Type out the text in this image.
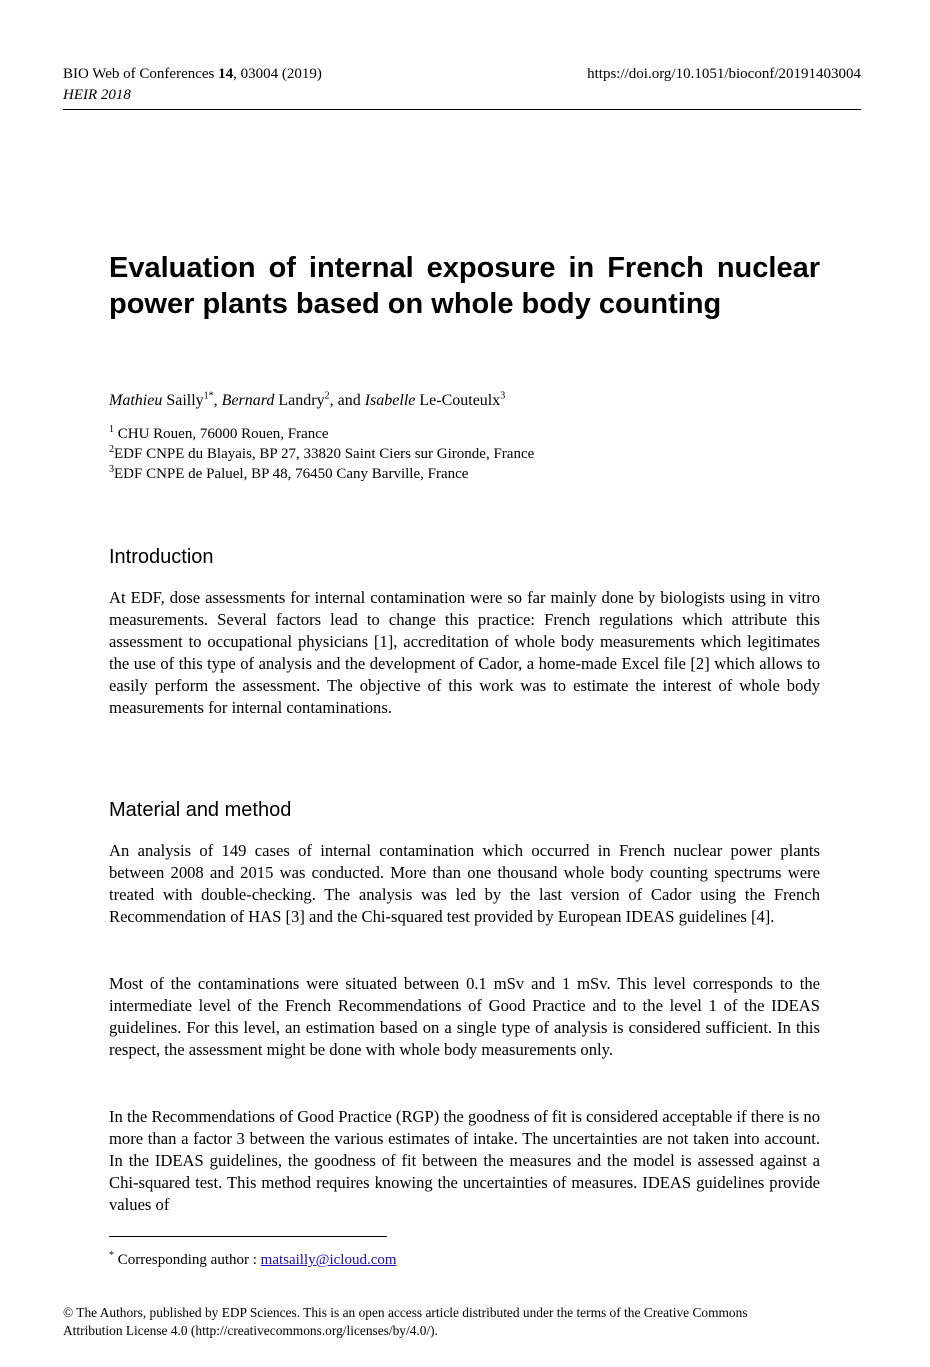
BIO Web of Conferences 14, 03004 (2019)	https://doi.org/10.1051/bioconf/20191403004
HEIR 2018
Evaluation of internal exposure in French nuclear power plants based on whole body counting
Mathieu Sailly$^{1*}$, Bernard Landry$^2$, and Isabelle Le-Couteulx$^3$
$^1$ CHU Rouen, 76000 Rouen, France
$^2$EDF CNPE du Blayais, BP 27, 33820 Saint Ciers sur Gironde, France
$^3$EDF CNPE de Paluel, BP 48, 76450 Cany Barville, France
Introduction

At EDF, dose assessments for internal contamination were so far mainly done by biologists using in vitro measurements. Several factors lead to change this practice: French regulations which attribute this assessment to occupational physicians [1], accreditation of whole body measurements which legitimates the use of this type of analysis and the development of Cador, a home-made Excel file [2] which allows to easily perform the assessment. The objective of this work was to estimate the interest of whole body measurements for internal contaminations.

Material and method

An analysis of 149 cases of internal contamination which occurred in French nuclear power plants between 2008 and 2015 was conducted. More than one thousand whole body counting spectrums were treated with double-checking. The analysis was led by the last version of Cador using the French Recommendation of HAS [3] and the Chi-squared test provided by European IDEAS guidelines [4].

Most of the contaminations were situated between 0.1 mSv and 1 mSv. This level corresponds to the intermediate level of the French Recommendations of Good Practice and to the level 1 of the IDEAS guidelines. For this level, an estimation based on a single type of analysis is considered sufficient. In this respect, the assessment might be done with whole body measurements only.

In the Recommendations of Good Practice (RGP) the goodness of fit is considered acceptable if there is no more than a factor 3 between the various estimates of intake. The uncertainties are not taken into account. In the IDEAS guidelines, the goodness of fit between the measures and the model is assessed against a Chi-squared test. This method requires knowing the uncertainties of measures. IDEAS guidelines provide values of

* Corresponding author : matsailly@icloud.com
© The Authors, published by EDP Sciences. This is an open access article distributed under the terms of the Creative Commons
Attribution License 4.0 (http://creativecommons.org/licenses/by/4.0/).
